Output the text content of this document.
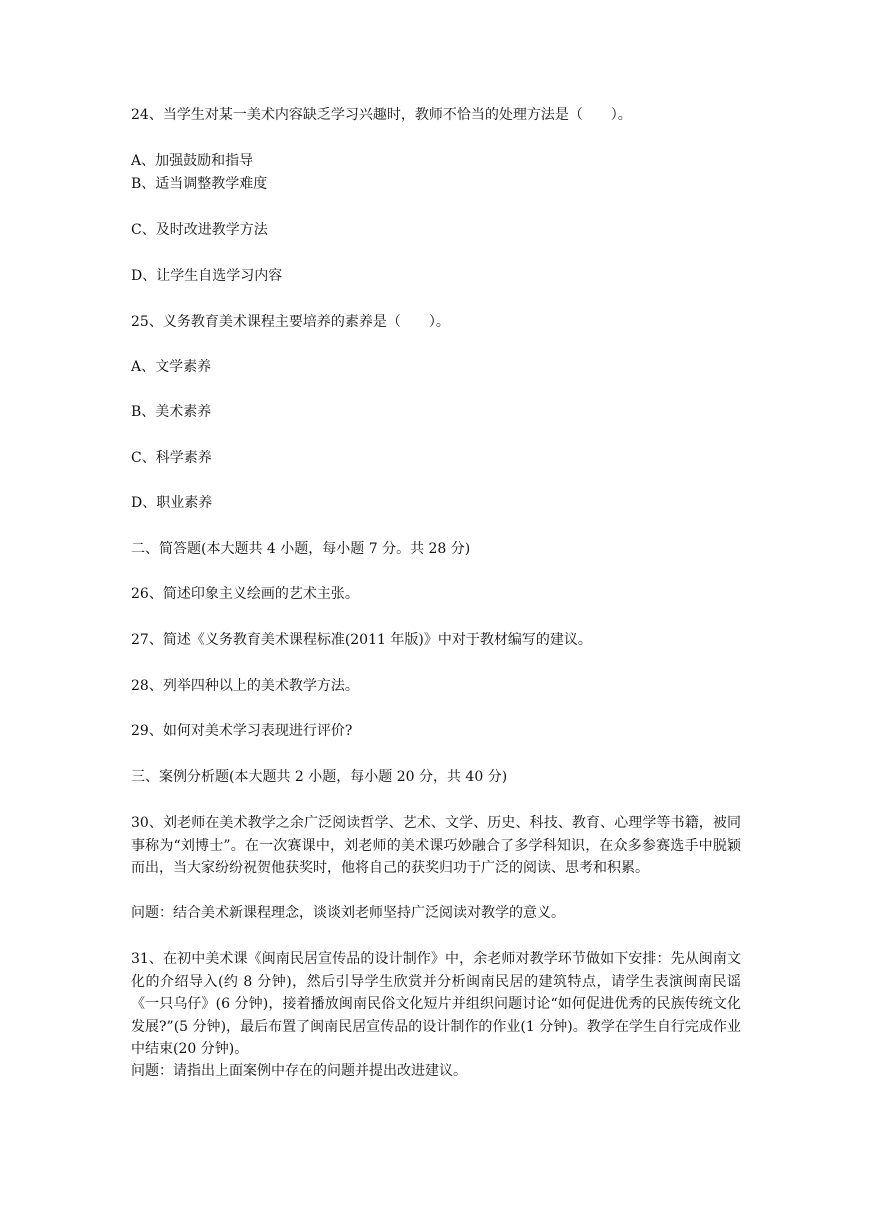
24、当学生对某一美术内容缺乏学习兴趣时，教师不恰当的处理方法是（　　）。
A、加强鼓励和指导
B、适当调整教学难度
C、及时改进教学方法
D、让学生自选学习内容
25、义务教育美术课程主要培养的素养是（　　）。
A、文学素养
B、美术素养
C、科学素养
D、职业素养
二、简答题(本大题共 4 小题，每小题 7 分。共 28 分)
26、简述印象主义绘画的艺术主张。
27、简述《义务教育美术课程标准(2011 年版)》中对于教材编写的建议。
28、列举四种以上的美术教学方法。
29、如何对美术学习表现进行评价?
三、案例分析题(本大题共 2 小题，每小题 20 分，共 40 分)
30、刘老师在美术教学之余广泛阅读哲学、艺术、文学、历史、科技、教育、心理学等书籍，被同事称为“刘博士”。在一次赛课中，刘老师的美术课巧妙融合了多学科知识，在众多参赛选手中脱颖而出，当大家纷纷祝贺他获奖时，他将自己的获奖归功于广泛的阅读、思考和积累。
问题：结合美术新课程理念，谈谈刘老师坚持广泛阅读对教学的意义。
31、在初中美术课《闽南民居宣传品的设计制作》中，余老师对教学环节做如下安排：先从闽南文化的介绍导入(约 8 分钟)，然后引导学生欣赏并分析闽南民居的建筑特点，请学生表演闽南民谣《一只乌仔》(6 分钟)，接着播放闽南民俗文化短片并组织问题讨论“如何促进优秀的民族传统文化发展?”(5 分钟)，最后布置了闽南民居宣传品的设计制作的作业(1 分钟)。教学在学生自行完成作业中结束(20 分钟)。
问题：请指出上面案例中存在的问题并提出改进建议。
